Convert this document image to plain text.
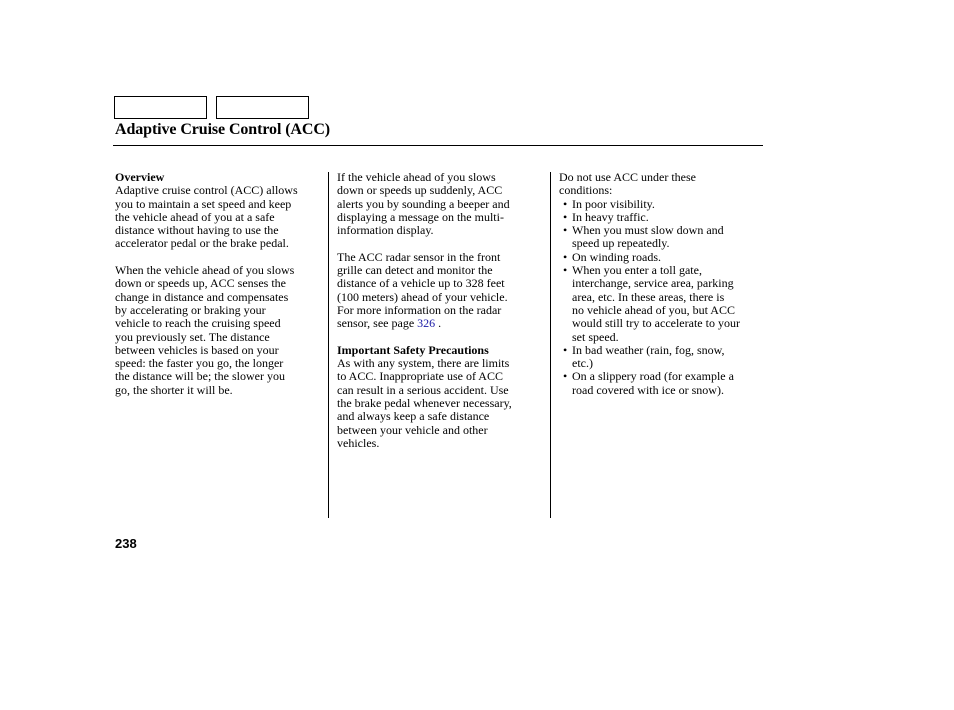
Adaptive Cruise Control (ACC)
Overview
Adaptive cruise control (ACC) allows
you to maintain a set speed and keep
the vehicle ahead of you at a safe
distance without having to use the
accelerator pedal or the brake pedal.
When the vehicle ahead of you slows
down or speeds up, ACC senses the
change in distance and compensates
by accelerating or braking your
vehicle to reach the cruising speed
you previously set. The distance
between vehicles is based on your
speed: the faster you go, the longer
the distance will be; the slower you
go, the shorter it will be.
If the vehicle ahead of you slows
down or speeds up suddenly, ACC
alerts you by sounding a beeper and
displaying a message on the multi-
information display.
The ACC radar sensor in the front
grille can detect and monitor the
distance of a vehicle up to 328 feet
(100 meters) ahead of your vehicle.
For more information on the radar
sensor, see page 326 .
Important Safety Precautions
As with any system, there are limits
to ACC. Inappropriate use of ACC
can result in a serious accident. Use
the brake pedal whenever necessary,
and always keep a safe distance
between your vehicle and other
vehicles.
Do not use ACC under these
conditions:
• In poor visibility.
• In heavy traffic.
• When you must slow down and
speed up repeatedly.
• On winding roads.
• When you enter a toll gate,
interchange, service area, parking
area, etc. In these areas, there is
no vehicle ahead of you, but ACC
would still try to accelerate to your
set speed.
• In bad weather (rain, fog, snow,
etc.)
• On a slippery road (for example a
road covered with ice or snow).
238
